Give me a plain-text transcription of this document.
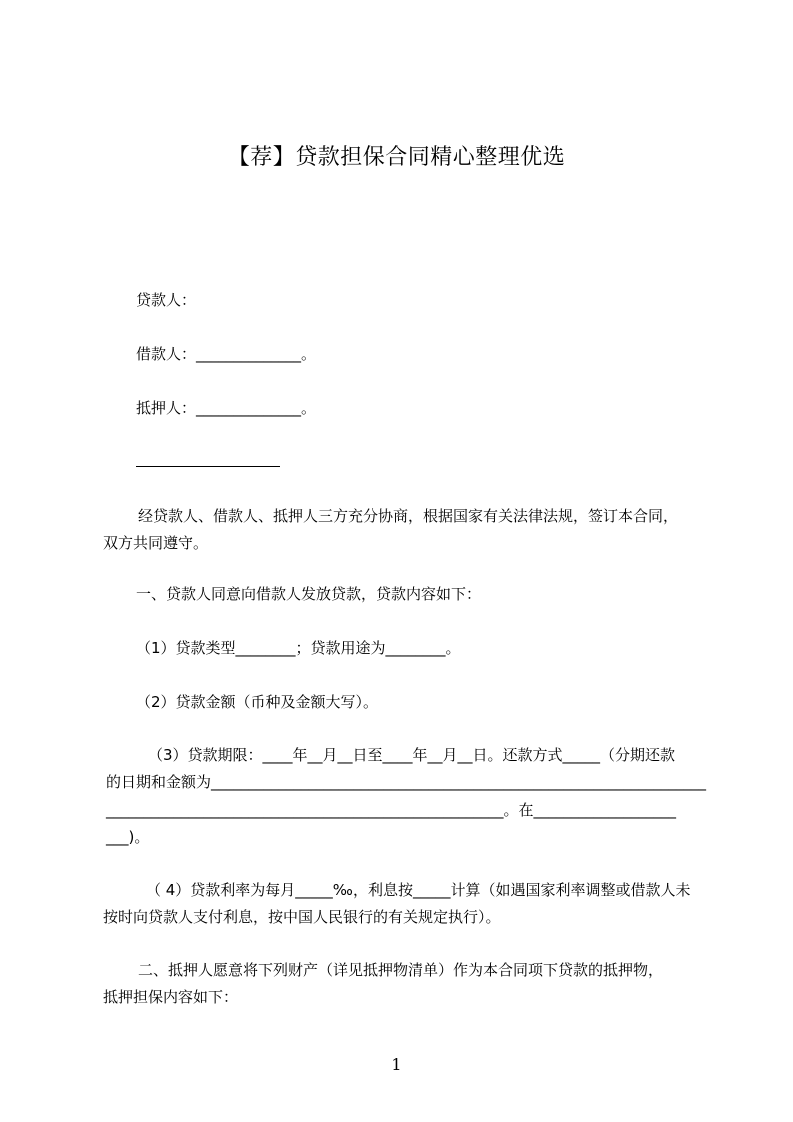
【荐】贷款担保合同精心整理优选
贷款人：
借款人：______________。
抵押人：______________。
经贷款人、借款人、抵押人三方充分协商，根据国家有关法律法规，签订本合同，
双方共同遵守。
一、贷款人同意向借款人发放贷款，贷款内容如下：
（1）贷款类型________；贷款用途为________。
（2）贷款金额（币种及金额大写）。
（3）贷款期限：____年__月__日至____年__月__日。还款方式_____（分期还款
的日期和金额为__________________________________________________________________
_____________________________________________________。在___________________
___)。
（ 4）贷款利率为每月_____‰，利息按_____计算（如遇国家利率调整或借款人未
按时向贷款人支付利息，按中国人民银行的有关规定执行）。
二、抵押人愿意将下列财产（详见抵押物清单）作为本合同项下贷款的抵押物，
抵押担保内容如下：
1
